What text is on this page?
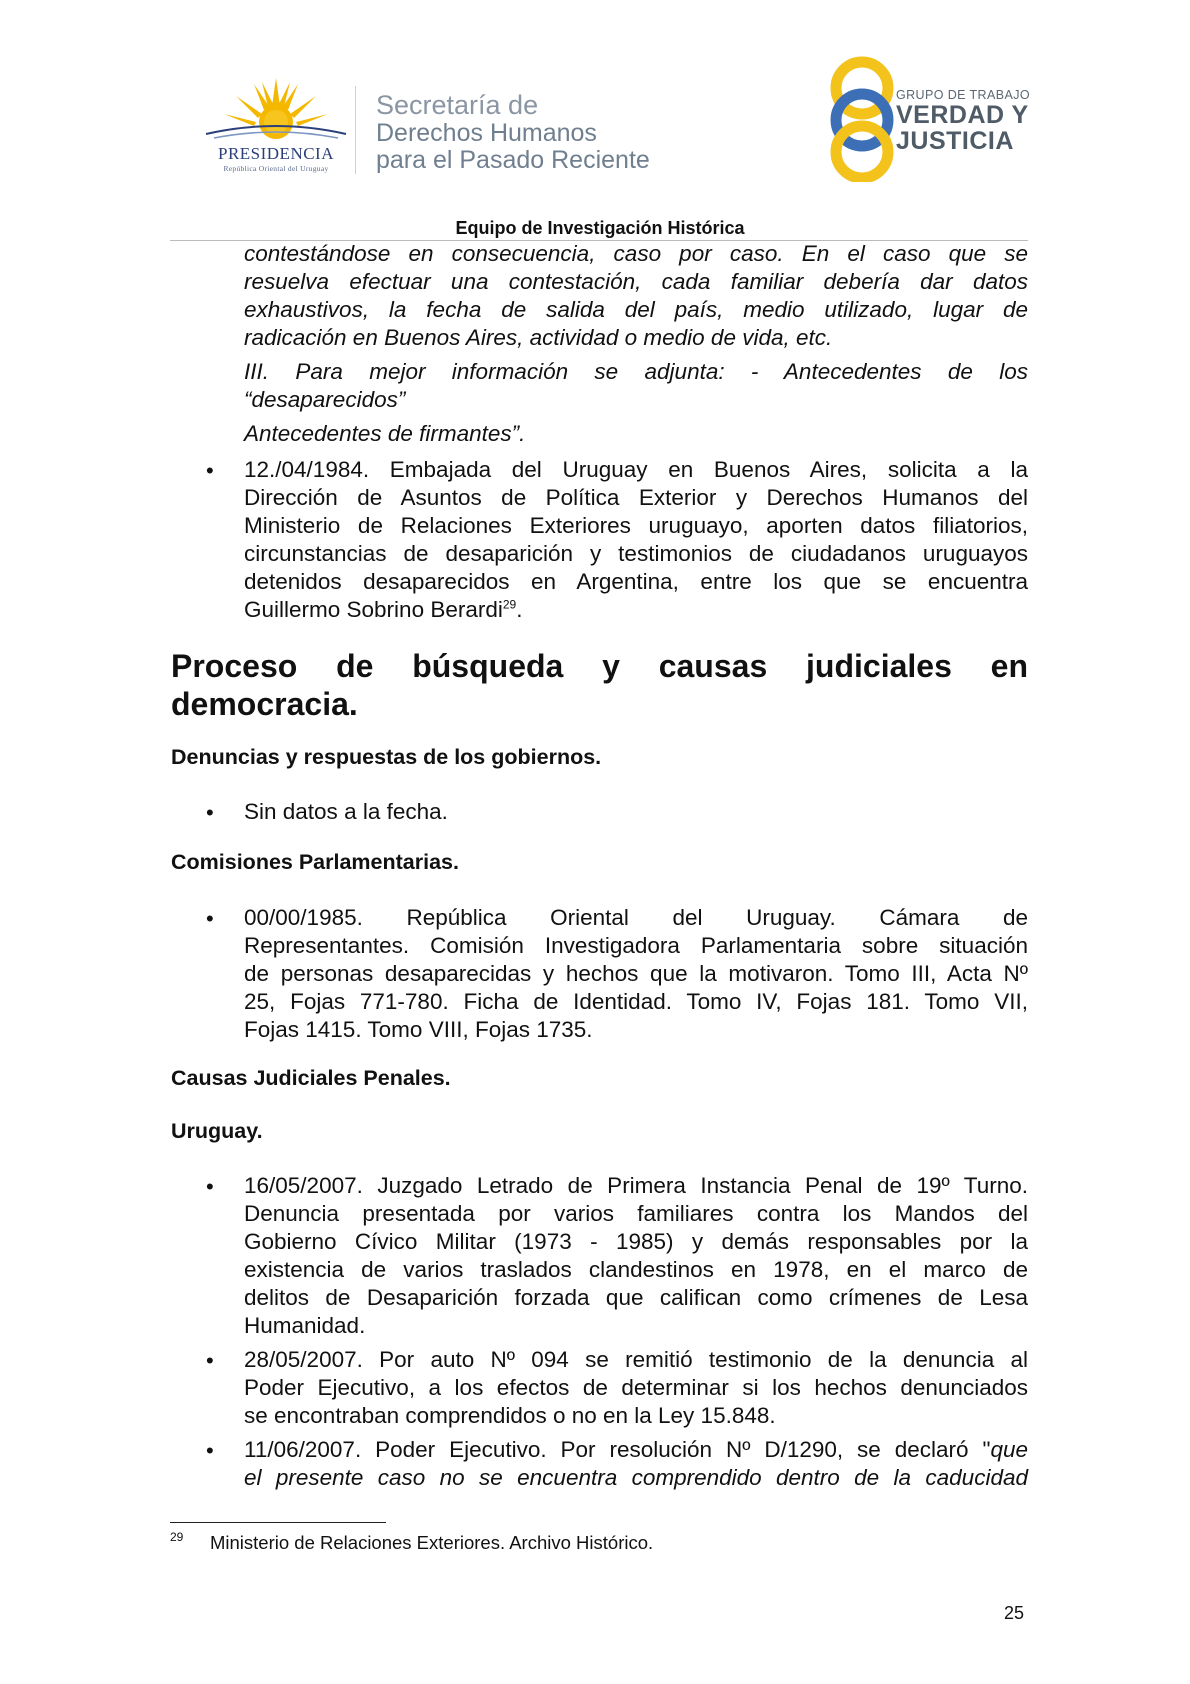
PRESIDENCIA
República Oriental del Uruguay
Secretaría de
Derechos Humanos
para el Pasado Reciente
GRUPO DE TRABAJO
VERDAD Y
JUSTICIA
Equipo de Investigación Histórica
contestándose en consecuencia, caso por caso. En el caso que se
resuelva efectuar una contestación, cada familiar debería dar datos
exhaustivos, la fecha de salida del país, medio utilizado, lugar de
radicación en Buenos Aires, actividad o medio de vida, etc.
III. Para mejor información se adjunta: - Antecedentes de los
“desaparecidos”
Antecedentes de firmantes”.
• 12./04/1984. Embajada del Uruguay en Buenos Aires, solicita a la
Dirección de Asuntos de Política Exterior y Derechos Humanos del
Ministerio de Relaciones Exteriores uruguayo, aporten datos filiatorios,
circunstancias de desaparición y testimonios de ciudadanos uruguayos
detenidos desaparecidos en Argentina, entre los que se encuentra
Guillermo Sobrino Berardi$^{29}$.
Proceso de búsqueda y causas judiciales en
democracia.
Denuncias y respuestas de los gobiernos.
• Sin datos a la fecha.
Comisiones Parlamentarias.
• 00/00/1985. República Oriental del Uruguay. Cámara de
Representantes. Comisión Investigadora Parlamentaria sobre situación
de personas desaparecidas y hechos que la motivaron. Tomo III, Acta Nº
25, Fojas 771-780. Ficha de Identidad. Tomo IV, Fojas 181. Tomo VII,
Fojas 1415. Tomo VIII, Fojas 1735.
Causas Judiciales Penales.
Uruguay.
• 16/05/2007. Juzgado Letrado de Primera Instancia Penal de 19º Turno.
Denuncia presentada por varios familiares contra los Mandos del
Gobierno Cívico Militar (1973 - 1985) y demás responsables por la
existencia de varios traslados clandestinos en 1978, en el marco de
delitos de Desaparición forzada que califican como crímenes de Lesa
Humanidad.
• 28/05/2007. Por auto Nº 094 se remitió testimonio de la denuncia al
Poder Ejecutivo, a los efectos de determinar si los hechos denunciados
se encontraban comprendidos o no en la Ley 15.848.
• 11/06/2007. Poder Ejecutivo. Por resolución Nº D/1290, se declaró "que
el presente caso no se encuentra comprendido dentro de la caducidad
29 Ministerio de Relaciones Exteriores. Archivo Histórico.
25
